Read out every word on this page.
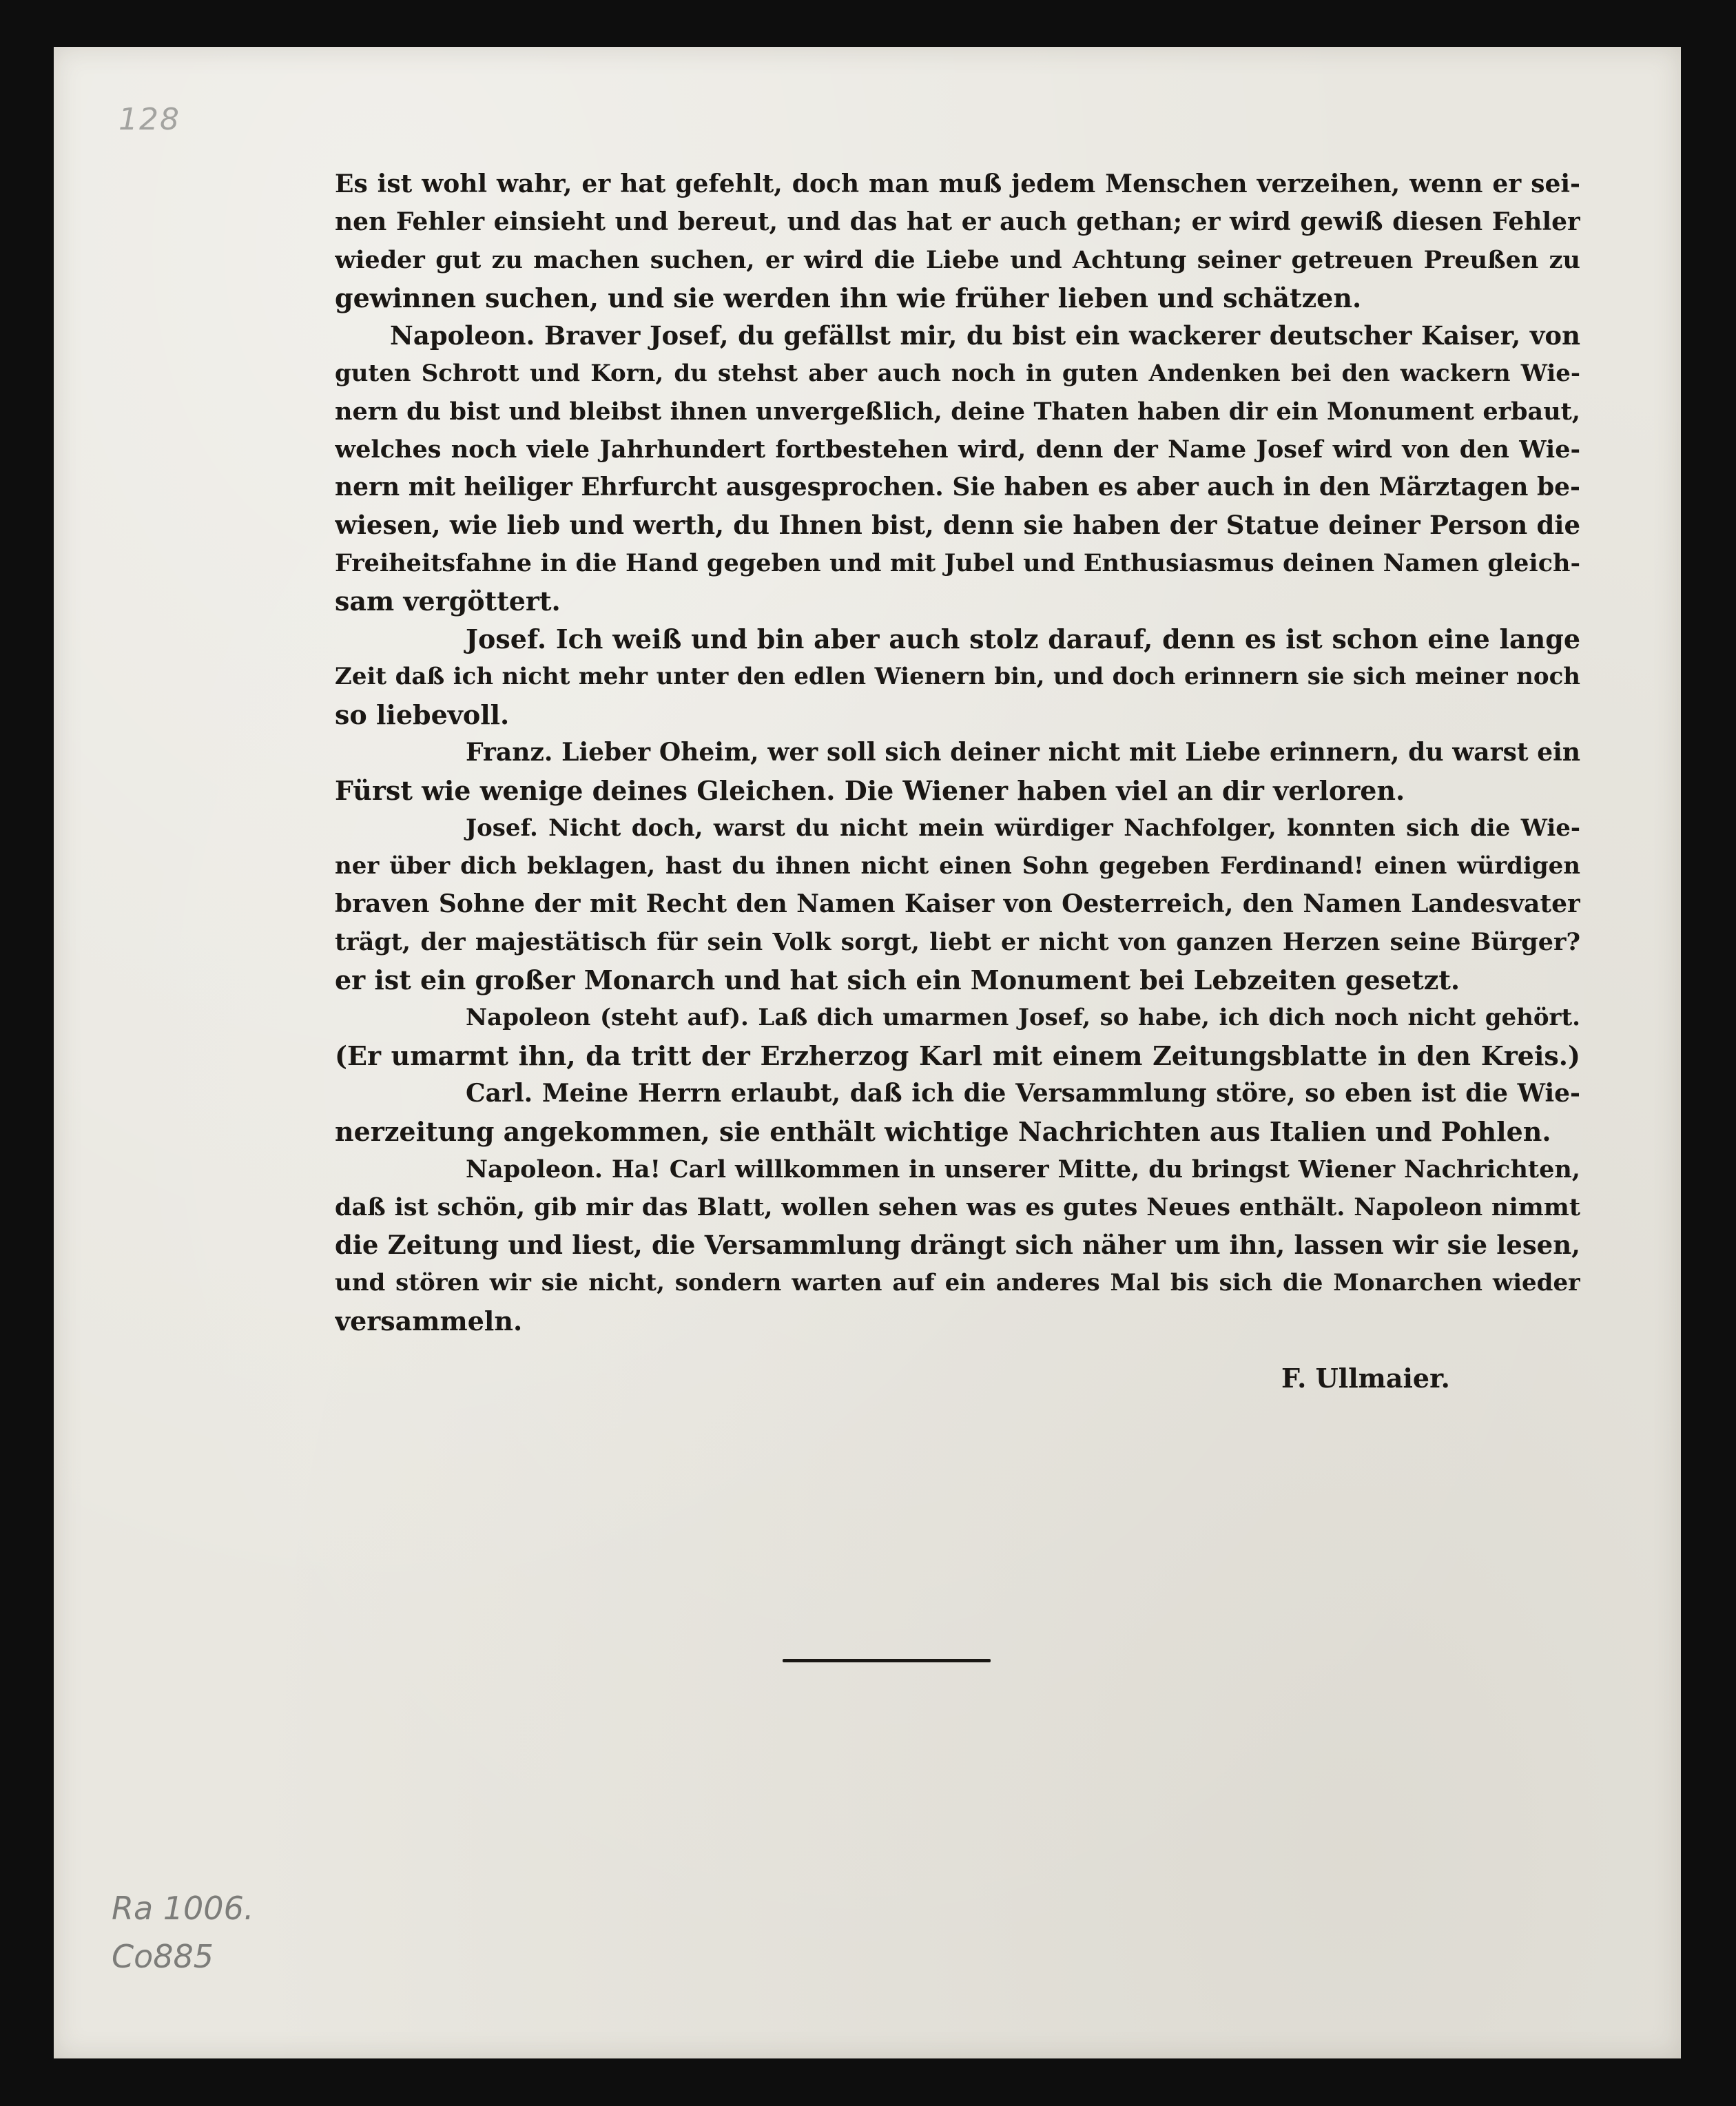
128
Es ist wohl wahr, er hat gefehlt, doch man muß jedem Menschen verzeihen, wenn er sei-
nen Fehler einsieht und bereut, und das hat er auch gethan; er wird gewiß diesen Fehler
wieder gut zu machen suchen, er wird die Liebe und Achtung seiner getreuen Preußen zu
gewinnen suchen, und sie werden ihn wie früher lieben und schätzen.
Napoleon. Braver Josef, du gefällst mir, du bist ein wackerer deutscher Kaiser, von
guten Schrott und Korn, du stehst aber auch noch in guten Andenken bei den wackern Wie-
nern du bist und bleibst ihnen unvergeßlich, deine Thaten haben dir ein Monument erbaut,
welches noch viele Jahrhundert fortbestehen wird, denn der Name Josef wird von den Wie-
nern mit heiliger Ehrfurcht ausgesprochen. Sie haben es aber auch in den Märztagen be-
wiesen, wie lieb und werth, du Ihnen bist, denn sie haben der Statue deiner Person die
Freiheitsfahne in die Hand gegeben und mit Jubel und Enthusiasmus deinen Namen gleich-
sam vergöttert.
Josef. Ich weiß und bin aber auch stolz darauf, denn es ist schon eine lange
Zeit daß ich nicht mehr unter den edlen Wienern bin, und doch erinnern sie sich meiner noch
so liebevoll.
Franz. Lieber Oheim, wer soll sich deiner nicht mit Liebe erinnern, du warst ein
Fürst wie wenige deines Gleichen. Die Wiener haben viel an dir verloren.
Josef. Nicht doch, warst du nicht mein würdiger Nachfolger, konnten sich die Wie-
ner über dich beklagen, hast du ihnen nicht einen Sohn gegeben Ferdinand! einen würdigen
braven Sohne der mit Recht den Namen Kaiser von Oesterreich, den Namen Landesvater
trägt, der majestätisch für sein Volk sorgt, liebt er nicht von ganzen Herzen seine Bürger?
er ist ein großer Monarch und hat sich ein Monument bei Lebzeiten gesetzt.
Napoleon (steht auf). Laß dich umarmen Josef, so habe, ich dich noch nicht gehört.
(Er umarmt ihn, da tritt der Erzherzog Karl mit einem Zeitungsblatte in den Kreis.)
Carl. Meine Herrn erlaubt, daß ich die Versammlung störe, so eben ist die Wie-
nerzeitung angekommen, sie enthält wichtige Nachrichten aus Italien und Pohlen.
Napoleon. Ha! Carl willkommen in unserer Mitte, du bringst Wiener Nachrichten,
daß ist schön, gib mir das Blatt, wollen sehen was es gutes Neues enthält. Napoleon nimmt
die Zeitung und liest, die Versammlung drängt sich näher um ihn, lassen wir sie lesen,
und stören wir sie nicht, sondern warten auf ein anderes Mal bis sich die Monarchen wieder
versammeln.
F. Ullmaier.
Ra 1006.
Co885
